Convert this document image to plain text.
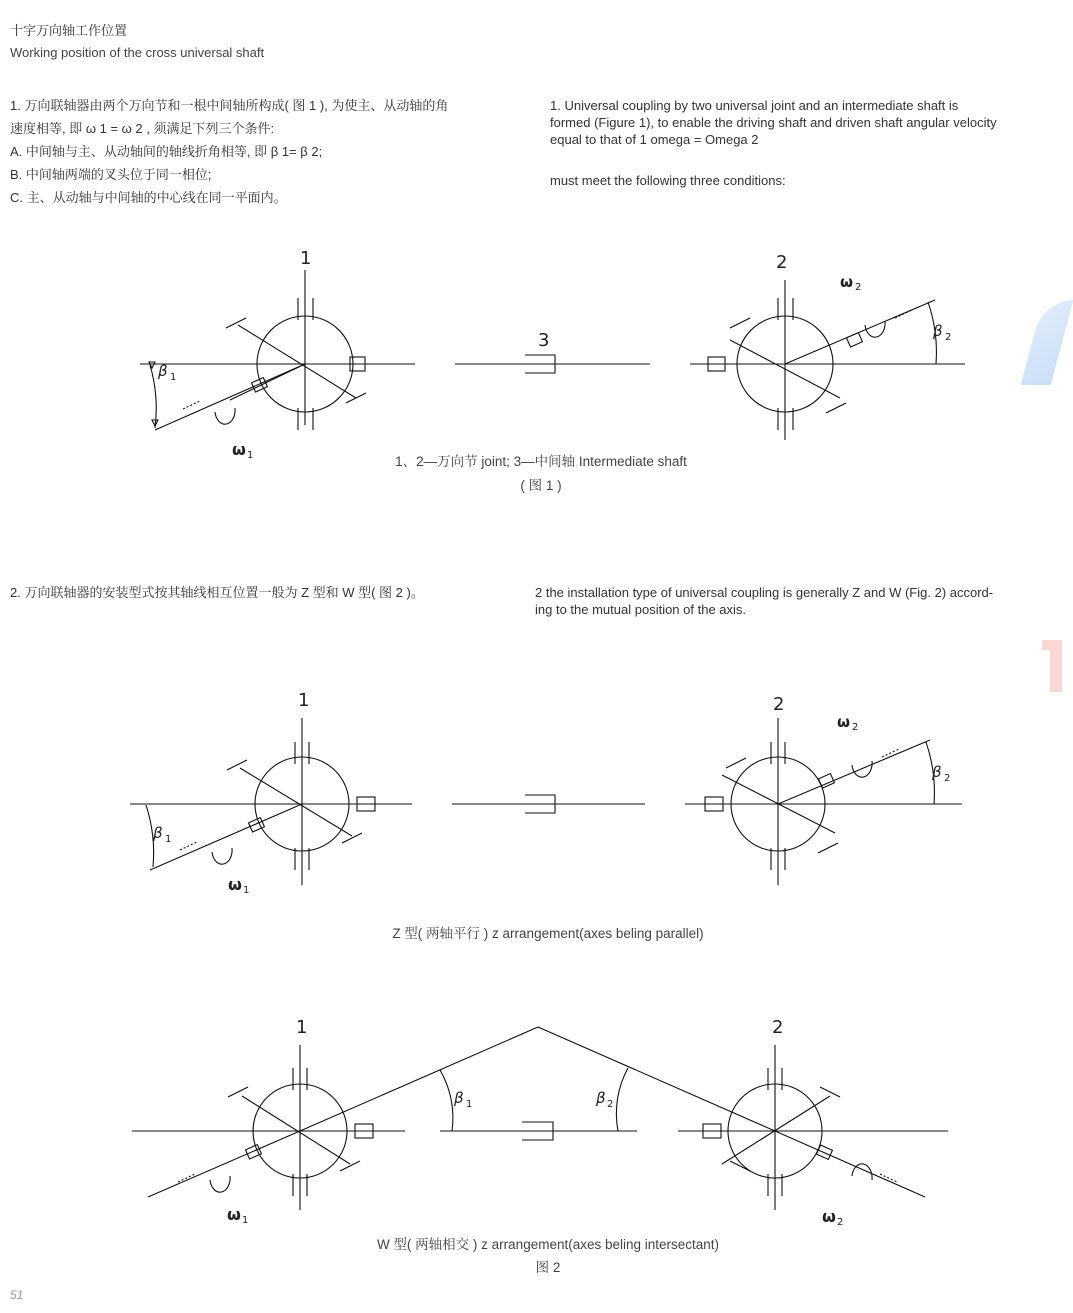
十字万向轴工作位置

Working position of the cross universal shaft

1. 万向联轴器由两个万向节和一根中间轴所构成( 图 1 ), 为使主、从动轴的角
速度相等, 即 ω 1 = ω 2 , 须满足下列三个条件:
A. 中间轴与主、从动轴间的轴线折角相等, 即 β 1= β 2;
B. 中间轴两端的叉头位于同一相位;
C. 主、从动轴与中间轴的中心线在同一平面内。
1. Universal coupling by two universal joint and an intermediate shaft is
formed (Figure 1), to enable the driving shaft and driven shaft angular velocity
equal to that of 1 omega = Omega 2
must meet the following three conditions:
1
β 1
ω 1
3
2
ω 2
β 2
1、2—万向节 joint; 3—中间轴 Intermediate shaft
( 图 1 )
2. 万向联轴器的安装型式按其轴线相互位置一般为 Z 型和 W 型( 图 2 )。	2 the installation type of universal coupling is generally Z and W (Fig. 2) accord-
ing to the mutual position of the axis.
1
β 1
ω 1
2
ω 2
β 2
Z 型( 两轴平行 ) z arrangement(axes beling parallel)
1
ω 1
β 1	β 2
2
ω 2
W 型( 两轴相交 ) z arrangement(axes beling intersectant)
图 2

51
